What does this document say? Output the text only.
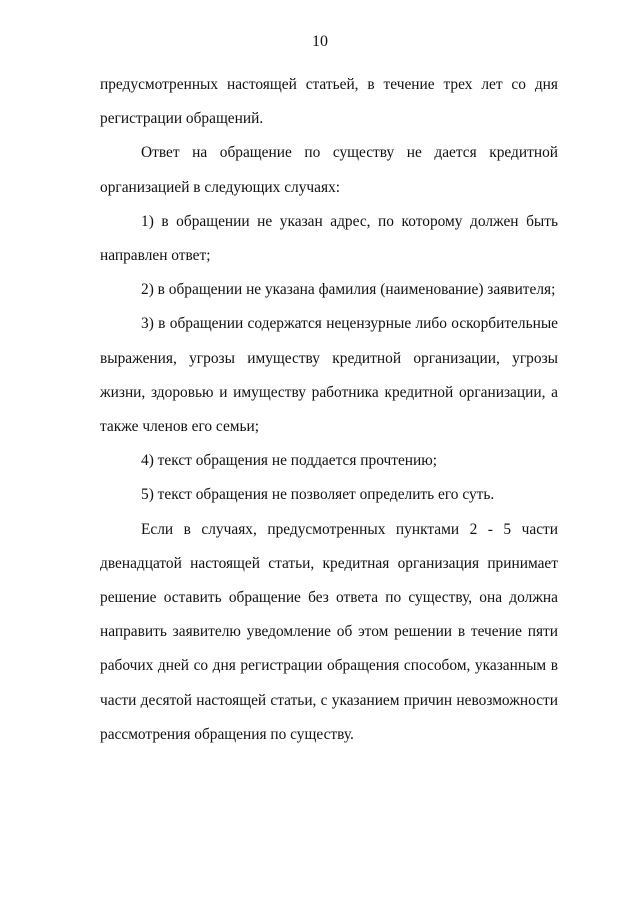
10

предусмотренных настоящей статьей, в течение трех лет со дня регистрации обращений.

Ответ на обращение по существу не дается кредитной организацией в следующих случаях:

1) в обращении не указан адрес, по которому должен быть направлен ответ;

2) в обращении не указана фамилия (наименование) заявителя;

3) в обращении содержатся нецензурные либо оскорбительные выражения, угрозы имуществу кредитной организации, угрозы жизни, здоровью и имуществу работника кредитной организации, а также членов его семьи;

4) текст обращения не поддается прочтению;

5) текст обращения не позволяет определить его суть.

Если в случаях, предусмотренных пунктами 2 - 5 части двенадцатой настоящей статьи, кредитная организация принимает решение оставить обращение без ответа по существу, она должна направить заявителю уведомление об этом решении в течение пяти рабочих дней со дня регистрации обращения способом, указанным в части десятой настоящей статьи, с указанием причин невозможности рассмотрения обращения по существу.
